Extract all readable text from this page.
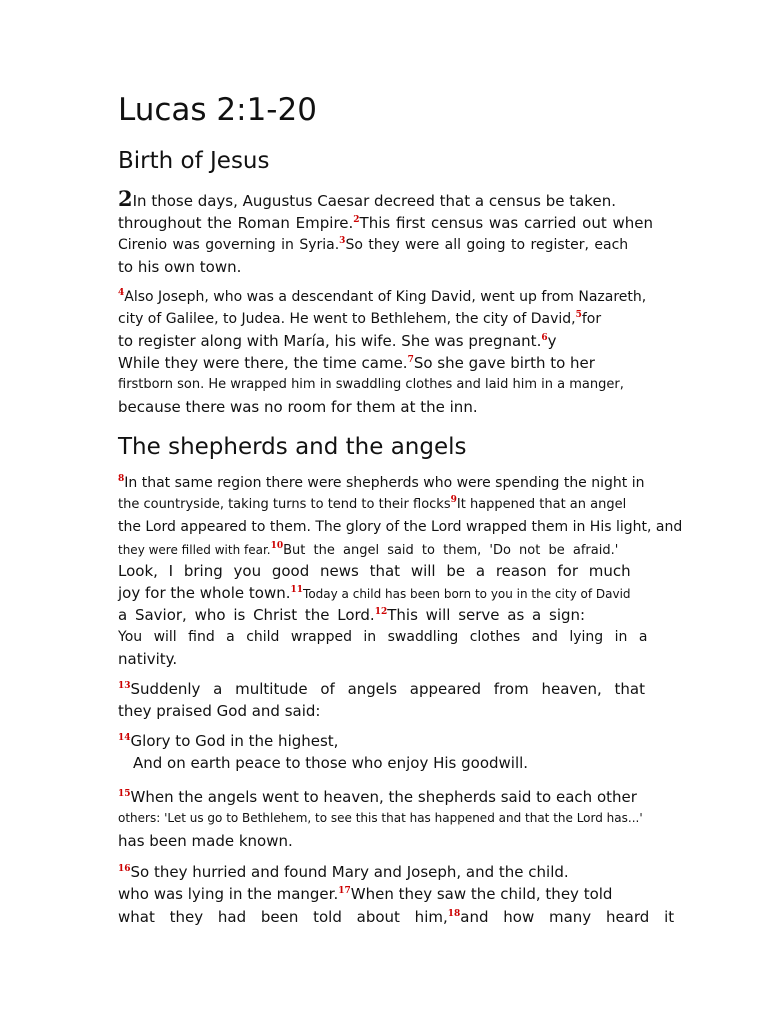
Lucas 2:1-20
Birth of Jesus
2In those days, Augustus Caesar decreed that a census be taken.
throughout the Roman Empire.$^2$This first census was carried out when
Cirenio was governing in Syria.$^3$So they were all going to register, each
to his own town.
$^4$Also Joseph, who was a descendant of King David, went up from Nazareth,
city of Galilee, to Judea. He went to Bethlehem, the city of David,$^5$for
to register along with María, his wife. She was pregnant.$^6$y
While they were there, the time came.$^7$So she gave birth to her
firstborn son. He wrapped him in swaddling clothes and laid him in a manger,
because there was no room for them at the inn.
The shepherds and the angels
$^8$In that same region there were shepherds who were spending the night in
the countryside, taking turns to tend to their flocks$^9$It happened that an angel
the Lord appeared to them. The glory of the Lord wrapped them in His light, and
they were filled with fear.$^{10}$But the angel said to them, 'Do not be afraid.'
Look, I bring you good news that will be a reason for much
joy for the whole town.$^{11}$Today a child has been born to you in the city of David
a Savior, who is Christ the Lord.$^{12}$This will serve as a sign:
You will find a child wrapped in swaddling clothes and lying in a
nativity.
$^{13}$Suddenly a multitude of angels appeared from heaven, that
they praised God and said:
$^{14}$Glory to God in the highest,
And on earth peace to those who enjoy His goodwill.
$^{15}$When the angels went to heaven, the shepherds said to each other
others: 'Let us go to Bethlehem, to see this that has happened and that the Lord has...'
has been made known.
$^{16}$So they hurried and found Mary and Joseph, and the child.
who was lying in the manger.$^{17}$When they saw the child, they told
what they had been told about him,$^{18}$and how many heard it
